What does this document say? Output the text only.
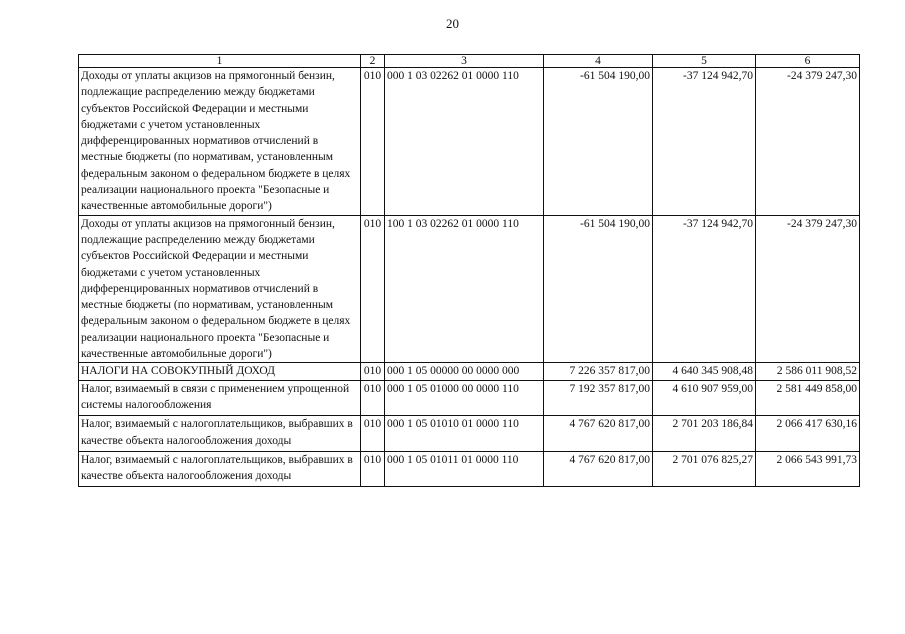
20
1	2	3	4	5	6

Доходы от уплаты акцизов на прямогонный бензин, подлежащие распределению между бюджетами субъектов Российской Федерации и местными бюджетами с учетом установленных дифференцированных нормативов отчислений в местные бюджеты (по нормативам, установленным федеральным законом о федеральном бюджете в целях реализации национального проекта "Безопасные и качественные автомобильные дороги")	010	000 1 03 02262 01 0000 110	-61 504 190,00	-37 124 942,70	-24 379 247,30

Доходы от уплаты акцизов на прямогонный бензин, подлежащие распределению между бюджетами субъектов Российской Федерации и местными бюджетами с учетом установленных дифференцированных нормативов отчислений в местные бюджеты (по нормативам, установленным федеральным законом о федеральном бюджете в целях реализации национального проекта "Безопасные и качественные автомобильные дороги")	010	100 1 03 02262 01 0000 110	-61 504 190,00	-37 124 942,70	-24 379 247,30

НАЛОГИ НА СОВОКУПНЫЙ ДОХОД	010	000 1 05 00000 00 0000 000	7 226 357 817,00	4 640 345 908,48	2 586 011 908,52

Налог, взимаемый в связи с применением упрощенной системы налогообложения	010	000 1 05 01000 00 0000 110	7 192 357 817,00	4 610 907 959,00	2 581 449 858,00

Налог, взимаемый с налогоплательщиков, выбравших в качестве объекта налогообложения доходы	010	000 1 05 01010 01 0000 110	4 767 620 817,00	2 701 203 186,84	2 066 417 630,16

Налог, взимаемый с налогоплательщиков, выбравших в качестве объекта налогообложения доходы	010	000 1 05 01011 01 0000 110	4 767 620 817,00	2 701 076 825,27	2 066 543 991,73
